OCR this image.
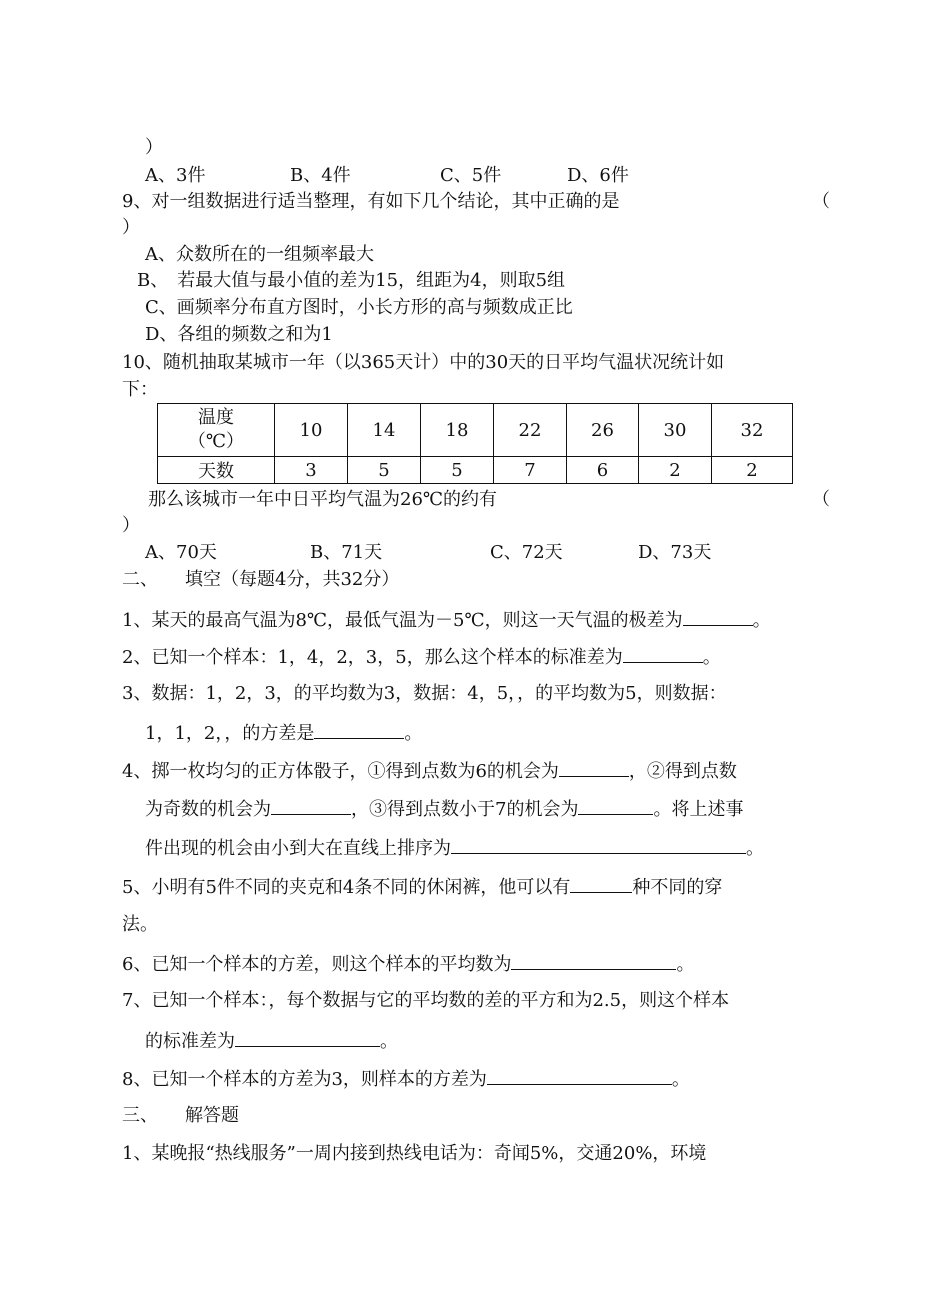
）
A、3件	B、4件	C、5件	D、6件
9、对一组数据进行适当整理，有如下几个结论，其中正确的是	（
）
A、众数所在的一组频率最大
B、　若最大值与最小值的差为15，组距为4，则取5组
C、画频率分布直方图时，小长方形的高与频数成正比
D、各组的频数之和为1
10、随机抽取某城市一年（以365天计）中的30天的日平均气温状况统计如
下：
温度
（℃）	10	14	18	22	26	30	32
天数	3	5	5	7	6	2	2
那么该城市一年中日平均气温为26℃的约有	（
）
A、70天	B、71天	C、72天	D、73天
二、　　填空（每题4分，共32分）
1、某天的最高气温为8℃，最低气温为－5℃，则这一天气温的极差为	。
2、已知一个样本：1，4，2，3，5，那么这个样本的标准差为	。
3、数据：1，2，3，的平均数为3，数据：4，5，，的平均数为5，则数据：
1，1，2，，的方差是	。
4、掷一枚均匀的正方体骰子，①得到点数为6的机会为	，②得到点数
为奇数的机会为	，③得到点数小于7的机会为	。将上述事
件出现的机会由小到大在直线上排序为	。
5、小明有5件不同的夹克和4条不同的休闲裤，他可以有	种不同的穿
法。
6、已知一个样本的方差，则这个样本的平均数为	。
7、已知一个样本：，每个数据与它的平均数的差的平方和为2.5，则这个样本
的标准差为	。
8、已知一个样本的方差为3，则样本的方差为	。
三、　　解答题
1、某晚报“热线服务”一周内接到热线电话为：奇闻5%，交通20%，环境
